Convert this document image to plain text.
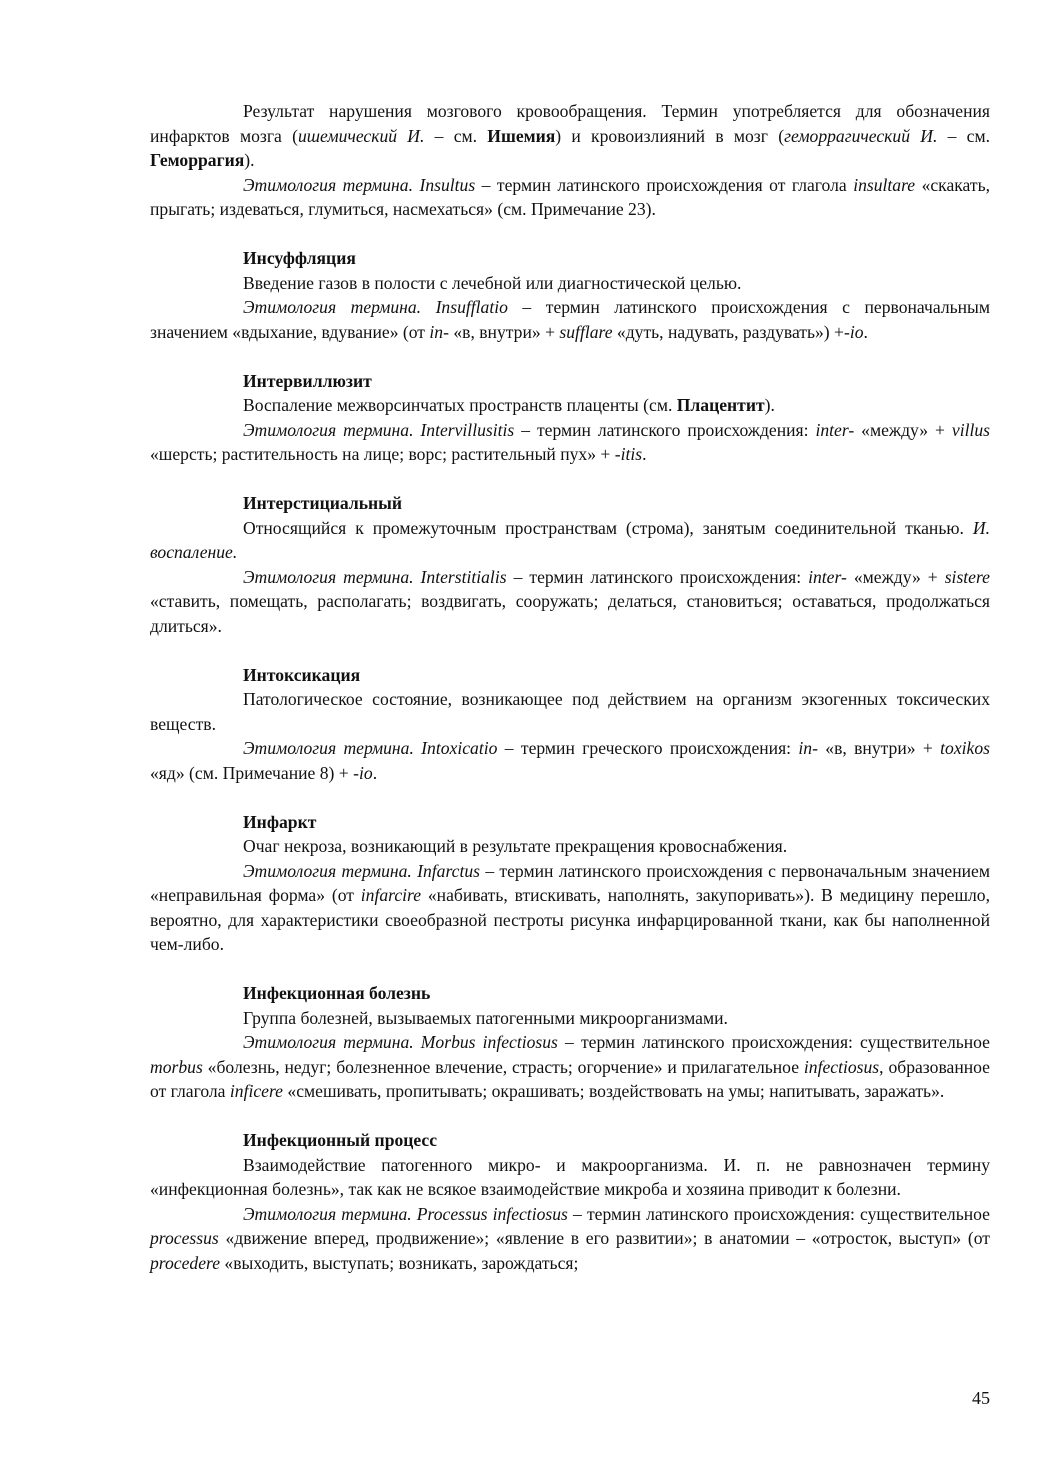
Результат нарушения мозгового кровообращения. Термин употребляется для обозначения инфарктов мозга (ишемический И. – см. Ишемия) и кровоизлияний в мозг (геморрагический И. – см. Геморрагия).

Этимология термина. Insultus – термин латинского происхождения от глагола insultare «скакать, прыгать; издеваться, глумиться, насмехаться» (см. Примечание 23).

Инсуффляция

Введение газов в полости с лечебной или диагностической целью.

Этимология термина. Insufflatio – термин латинского происхождения с первоначальным значением «вдыхание, вдувание» (от in- «в, внутри» + sufflare «дуть, надувать, раздувать») +-io.

Интервиллюзит

Воспаление межворсинчатых пространств плаценты (см. Плацентит).

Этимология термина. Intervillusitis – термин латинского происхождения: inter- «между» + villus «шерсть; растительность на лице; ворс; растительный пух» + -itis.

Интерстициальный

Относящийся к промежуточным пространствам (строма), занятым соединительной тканью. И. воспаление.

Этимология термина. Interstitialis – термин латинского происхождения: inter- «между» + sistere «ставить, помещать, располагать; воздвигать, сооружать; делаться, становиться; оставаться, продолжаться длиться».

Интоксикация

Патологическое состояние, возникающее под действием на организм экзогенных токсических веществ.

Этимология термина. Intoxicatio – термин греческого происхождения: in- «в, внутри» + toxikos «яд» (см. Примечание 8) + -io.

Инфаркт

Очаг некроза, возникающий в результате прекращения кровоснабжения.

Этимология термина. Infarctus – термин латинского происхождения с первоначальным значением «неправильная форма» (от infarcire «набивать, втискивать, наполнять, закупоривать»). В медицину перешло, вероятно, для характеристики своеобразной пестроты рисунка инфарцированной ткани, как бы наполненной чем-либо.

Инфекционная болезнь

Группа болезней, вызываемых патогенными микроорганизмами.

Этимология термина. Morbus infectiosus – термин латинского происхождения: существительное morbus «болезнь, недуг; болезненное влечение, страсть; огорчение» и прилагательное infectiosus, образованное от глагола inficere «смешивать, пропитывать; окрашивать; воздействовать на умы; напитывать, заражать».

Инфекционный процесс

Взаимодействие патогенного микро- и макроорганизма. И. п. не равнозначен термину «инфекционная болезнь», так как не всякое взаимодействие микроба и хозяина приводит к болезни.

Этимология термина. Processus infectiosus – термин латинского происхождения: существительное processus «движение вперед, продвижение»; «явление в его развитии»; в анатомии – «отросток, выступ» (от procedere «выходить, выступать; возникать, зарождаться;

45
